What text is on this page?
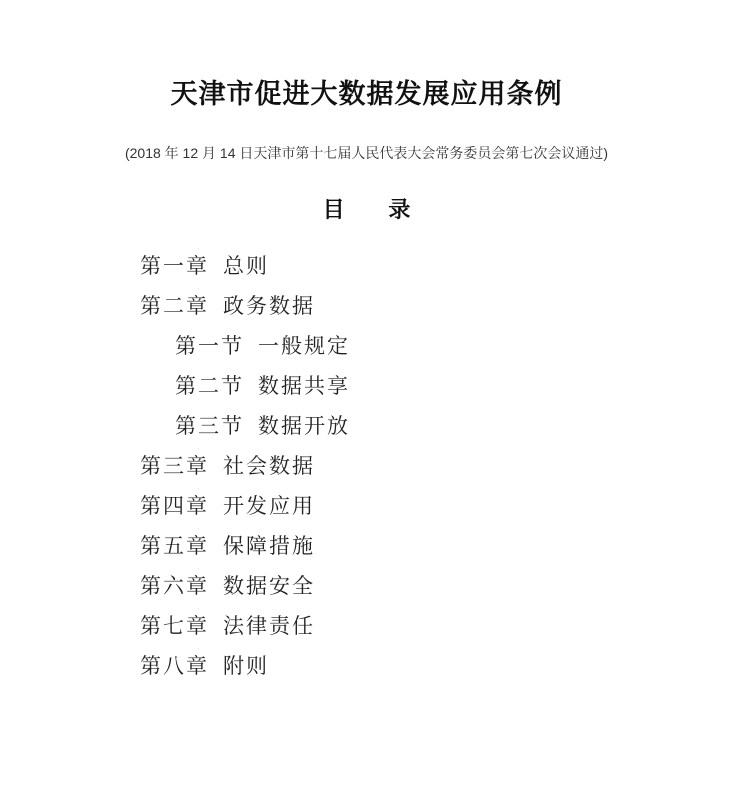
天津市促进大数据发展应用条例

(2018 年 12 月 14 日天津市第十七届人民代表大会常务委员会第七次会议通过)

目 录
第一章 总则
第二章 政务数据
第一节 一般规定
第二节 数据共享
第三节 数据开放
第三章 社会数据
第四章 开发应用
第五章 保障措施
第六章 数据安全
第七章 法律责任
第八章 附则
